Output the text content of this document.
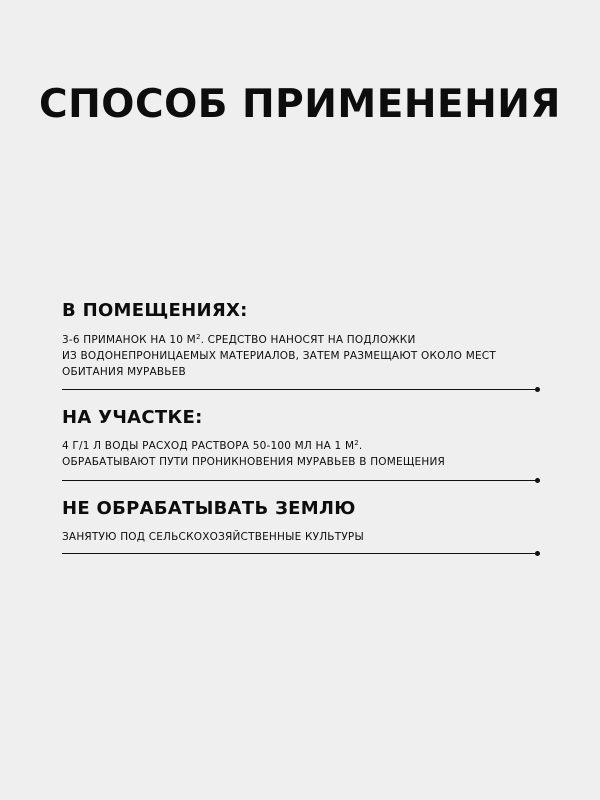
СПОСОБ ПРИМЕНЕНИЯ
В ПОМЕЩЕНИЯХ:
3-6 ПРИМАНОК НА 10 $М^2$. СРЕДСТВО НАНОСЯТ НА ПОДЛОЖКИ
ИЗ ВОДОНЕПРОНИЦАЕМЫХ МАТЕРИАЛОВ, ЗАТЕМ РАЗМЕЩАЮТ ОКОЛО МЕСТ
ОБИТАНИЯ МУРАВЬЕВ
НА УЧАСТКЕ:
4 Г/1 Л ВОДЫ РАСХОД РАСТВОРА 50-100 МЛ НА 1 $М^2$.
ОБРАБАТЫВАЮТ ПУТИ ПРОНИКНОВЕНИЯ МУРАВЬЕВ В ПОМЕЩЕНИЯ
НЕ ОБРАБАТЫВАТЬ ЗЕМЛЮ
ЗАНЯТУЮ ПОД СЕЛЬСКОХОЗЯЙСТВЕННЫЕ КУЛЬТУРЫ
